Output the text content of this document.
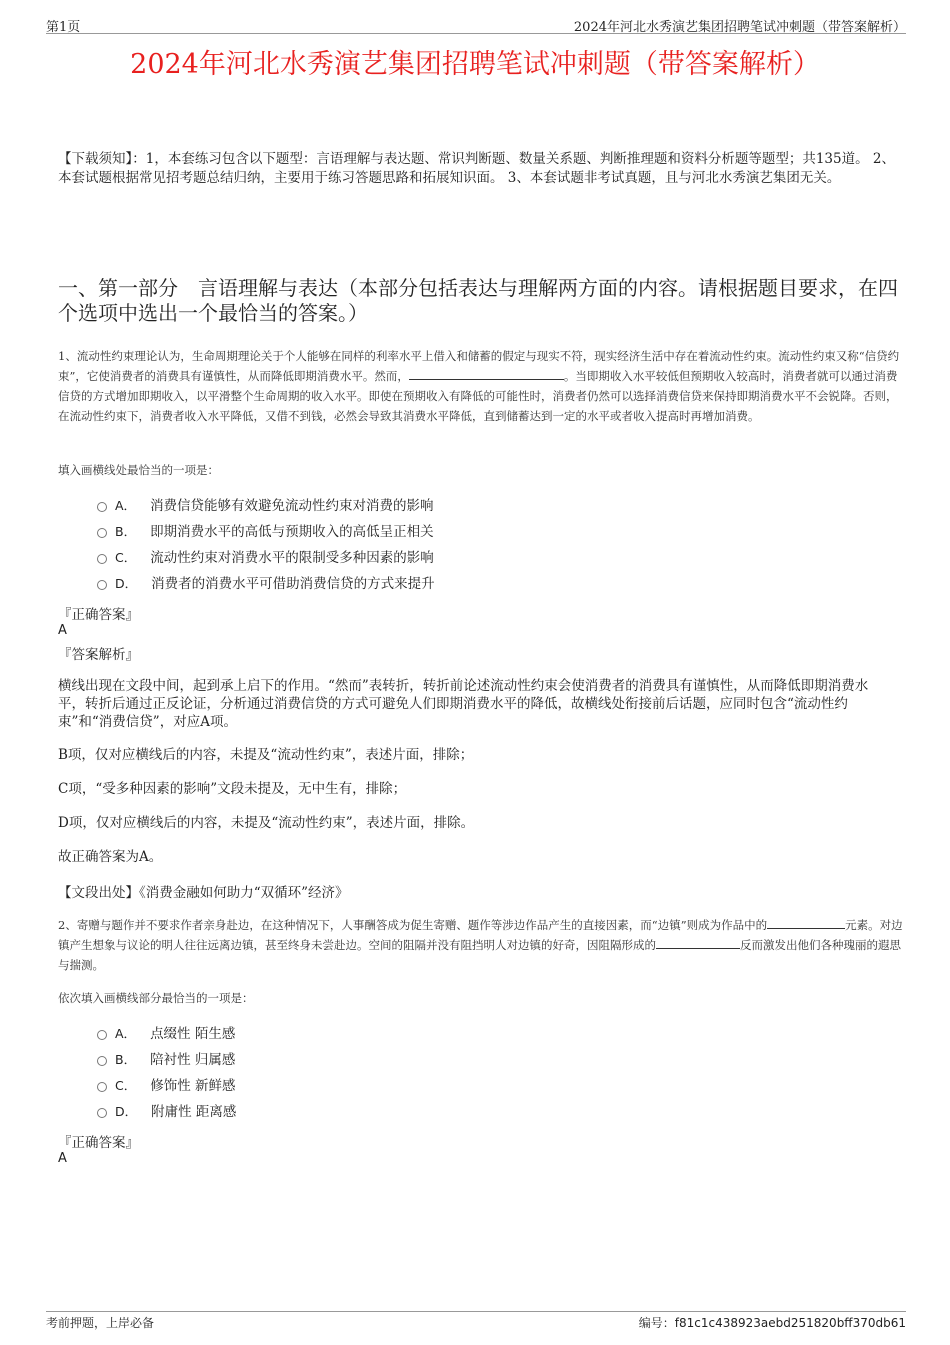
第1页	2024年河北水秀演艺集团招聘笔试冲刺题（带答案解析）
2024年河北水秀演艺集团招聘笔试冲刺题（带答案解析）
【下载须知】：1，本套练习包含以下题型：言语理解与表达题、常识判断题、数量关系题、判断推理题和资料分析题等题型；共135道。 2、本套试题根据常见招考题总结归纳，主要用于练习答题思路和拓展知识面。 3、本套试题非考试真题，且与河北水秀演艺集团无关。
一、第一部分　言语理解与表达（本部分包括表达与理解两方面的内容。请根据题目要求，在四个选项中选出一个最恰当的答案。）
1、流动性约束理论认为，生命周期理论关于个人能够在同样的利率水平上借入和储蓄的假定与现实不符，现实经济生活中存在着流动性约束。流动性约束又称“信贷约束”，它使消费者的消费具有谨慎性，从而降低即期消费水平。然而，	。当即期收入水平较低但预期收入较高时，消费者就可以通过消费信贷的方式增加即期收入，以平滑整个生命周期的收入水平。即使在预期收入有降低的可能性时，消费者仍然可以选择消费信贷来保持即期消费水平不会锐降。否则，在流动性约束下，消费者收入水平降低，又借不到钱，必然会导致其消费水平降低，直到储蓄达到一定的水平或者收入提高时再增加消费。
填入画横线处最恰当的一项是：
A． 消费信贷能够有效避免流动性约束对消费的影响
B． 即期消费水平的高低与预期收入的高低呈正相关
C． 流动性约束对消费水平的限制受多种因素的影响
D． 消费者的消费水平可借助消费信贷的方式来提升
『正确答案』
A
『答案解析』
横线出现在文段中间，起到承上启下的作用。“然而”表转折，转折前论述流动性约束会使消费者的消费具有谨慎性，从而降低即期消费水平，转折后通过正反论证，分析通过消费信贷的方式可避免人们即期消费水平的降低，故横线处衔接前后话题，应同时包含“流动性约束”和“消费信贷”，对应A项。
B项，仅对应横线后的内容，未提及“流动性约束”，表述片面，排除；
C项，“受多种因素的影响”文段未提及，无中生有，排除；
D项，仅对应横线后的内容，未提及“流动性约束”，表述片面，排除。
故正确答案为A。
【文段出处】《消费金融如何助力“双循环”经济》
2、寄赠与题作并不要求作者亲身赴边，在这种情况下，人事酬答成为促生寄赠、题作等涉边作品产生的直接因素，而“边镇”则成为作品中的	元素。对边镇产生想象与议论的明人往往远离边镇，甚至终身未尝赴边。空间的阻隔并没有阻挡明人对边镇的好奇，因阻隔形成的	反而激发出他们各种瑰丽的遐思与揣测。
依次填入画横线部分最恰当的一项是：
A． 点缀性 陌生感
B． 陪衬性 归属感
C． 修饰性 新鲜感
D． 附庸性 距离感
『正确答案』
A
考前押题，上岸必备	编号：f81c1c438923aebd251820bff370db61
